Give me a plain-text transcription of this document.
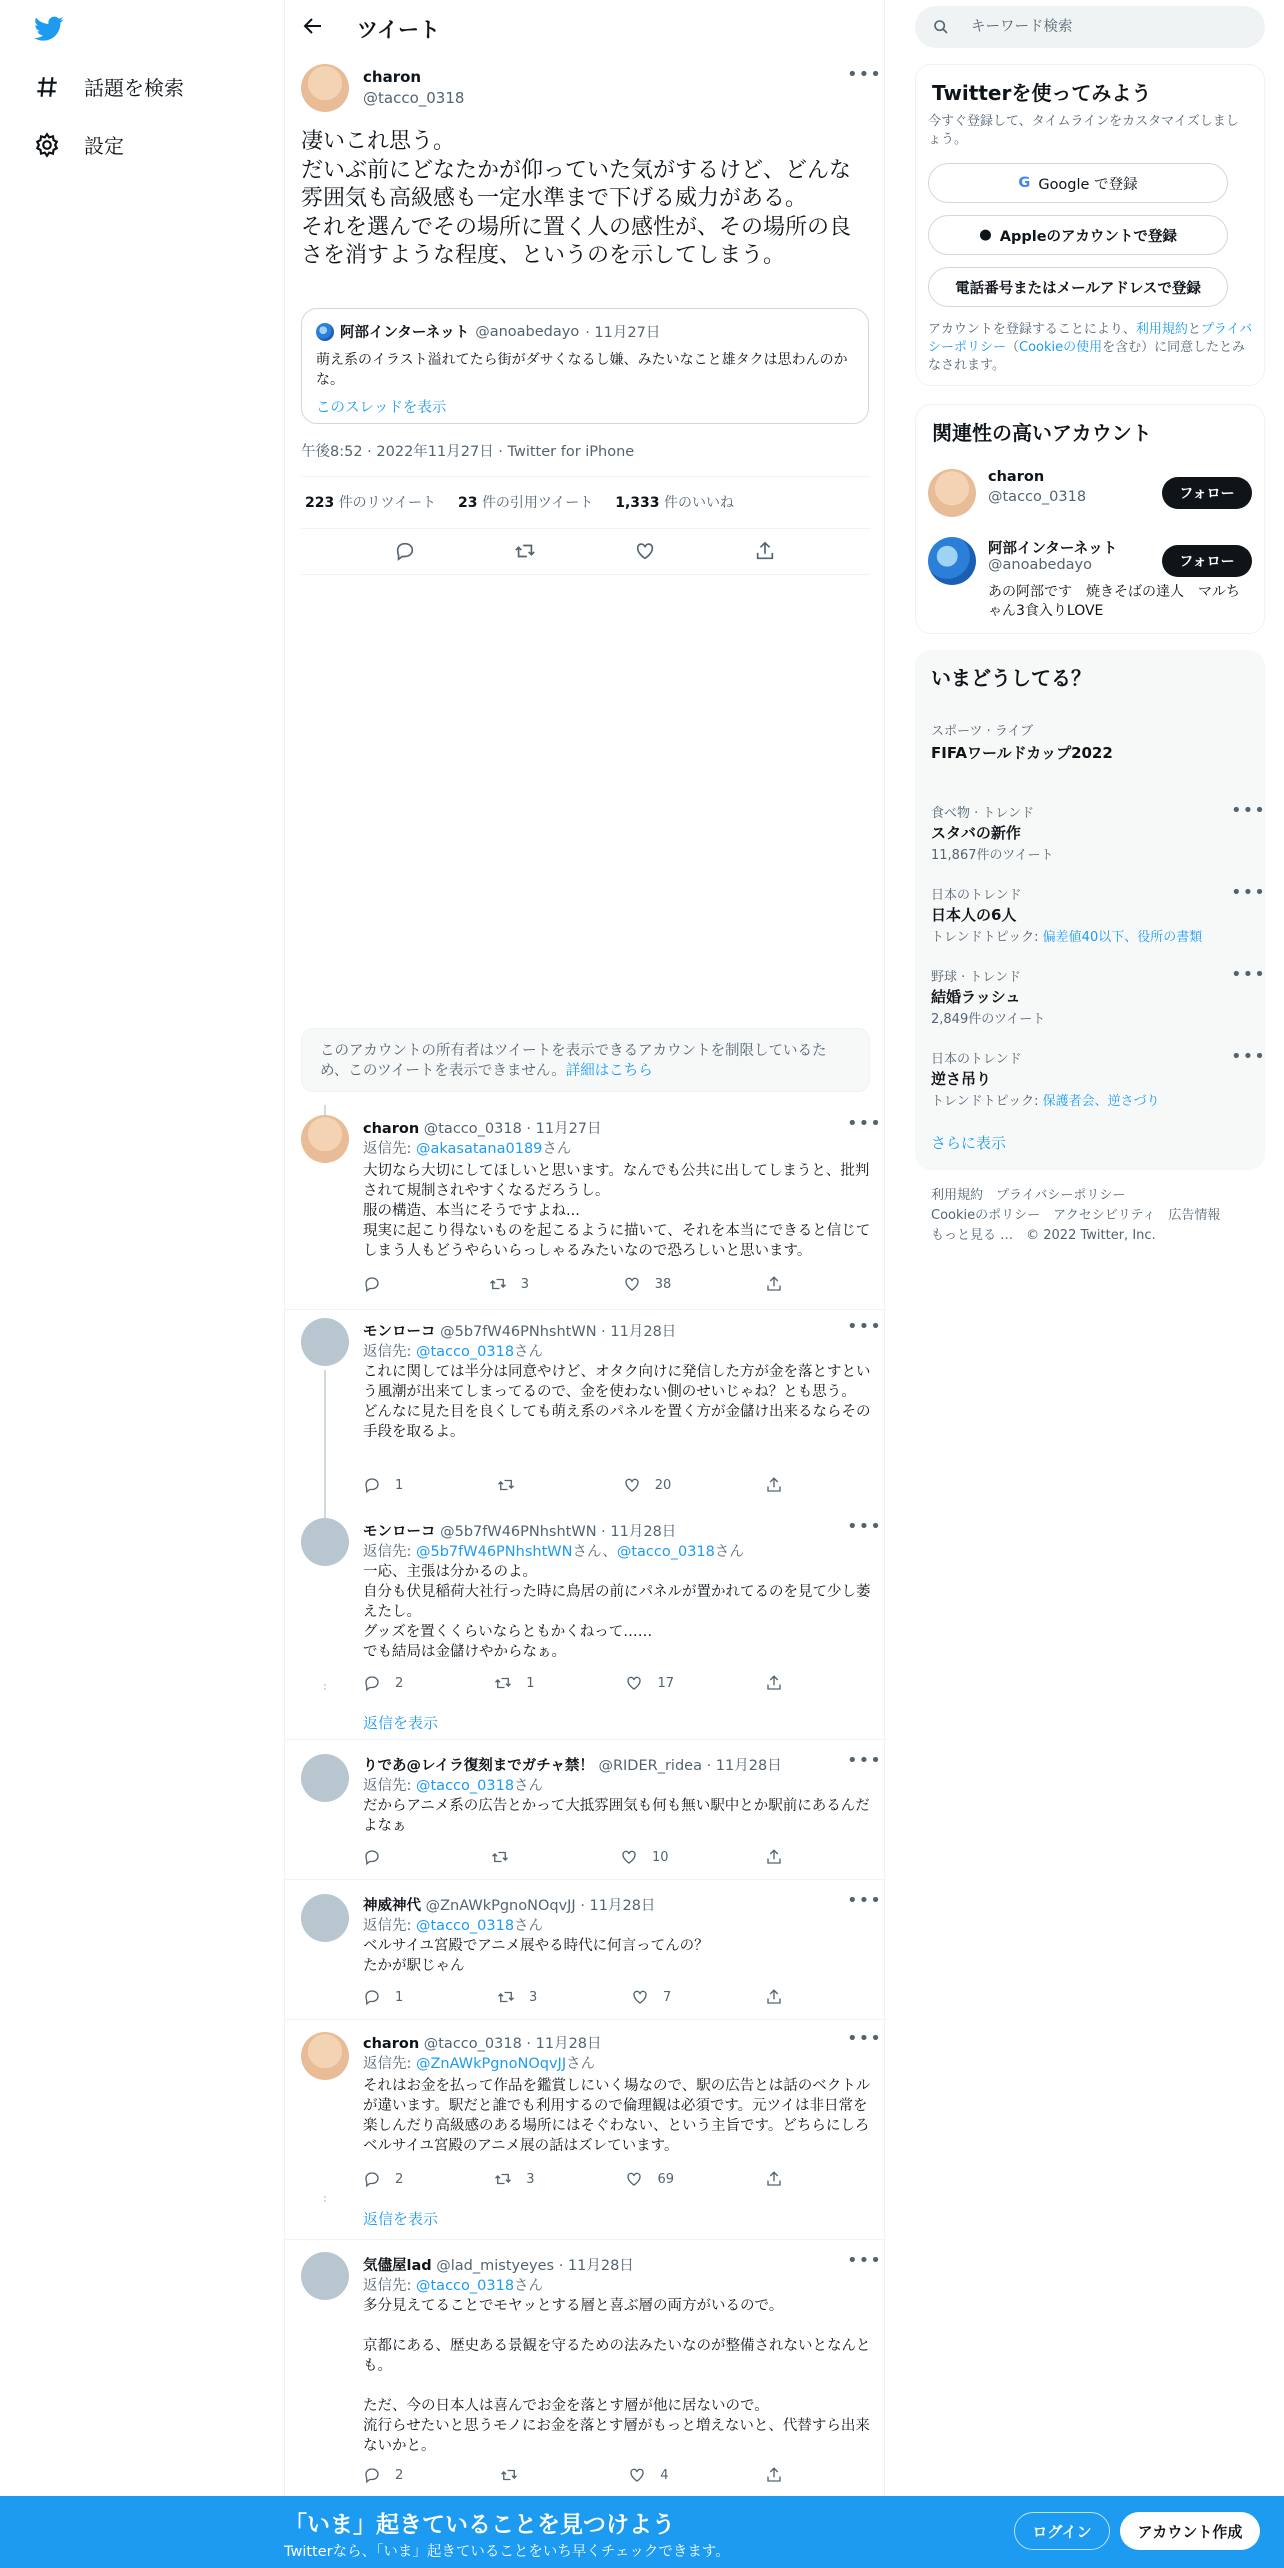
話題を検索
設定
ツイート
charon
@tacco_0318
•••
凄いこれ思う。
だいぶ前にどなたかが仰っていた気がするけど、どんな雰囲気も高級感も一定水準まで下げる威力がある。
それを選んでその場所に置く人の感性が、その場所の良さを消すような程度、というのを示してしまう。
阿部インターネット @anoabedayo · 11月27日
萌え系のイラスト溢れてたら街がダサくなるし嫌、みたいなこと雄タクは思わんのかな。
このスレッドを表示
午後8:52 · 2022年11月27日 · Twitter for iPhone
223 件のリツイート 23 件の引用ツイート 1,333 件のいいね
このアカウントの所有者はツイートを表示できるアカウントを制限しているため、このツイートを表示できません。詳細はこちら
charon @tacco_0318 · 11月27日	•••
返信先: @akasatana0189さん
大切なら大切にしてほしいと思います。なんでも公共に出してしまうと、批判されて規制されやすくなるだろうし。
服の構造、本当にそうですよね...
現実に起こり得ないものを起こるように描いて、それを本当にできると信じてしまう人もどうやらいらっしゃるみたいなので恐ろしいと思います。
3	38
モンローコ @5b7fW46PNhshtWN · 11月28日	•••
返信先: @tacco_0318さん
これに関しては半分は同意やけど、オタク向けに発信した方が金を落とすという風潮が出来てしまってるので、金を使わない側のせいじゃね？とも思う。
どんなに見た目を良くしても萌え系のパネルを置く方が金儲け出来るならその手段を取るよ。
1	20
モンローコ @5b7fW46PNhshtWN · 11月28日	•••
返信先: @5b7fW46PNhshtWNさん、@tacco_0318さん
一応、主張は分かるのよ。
自分も伏見稲荷大社行った時に鳥居の前にパネルが置かれてるのを見て少し萎えたし。
グッズを置くくらいならともかくねって……
でも結局は金儲けやからなぁ。
2	1	17
返信を表示
りであ@レイラ復刻までガチャ禁！ @RIDER_ridea · 11月28日	•••
返信先: @tacco_0318さん
だからアニメ系の広告とかって大抵雰囲気も何も無い駅中とか駅前にあるんだよなぁ
10
神威神代 @ZnAWkPgnoNOqvJJ · 11月28日	•••
返信先: @tacco_0318さん
ベルサイユ宮殿でアニメ展やる時代に何言ってんの？
たかが駅じゃん
1	3	7
charon @tacco_0318 · 11月28日	•••
返信先: @ZnAWkPgnoNOqvJJさん
それはお金を払って作品を鑑賞しにいく場なので、駅の広告とは話のベクトルが違います。駅だと誰でも利用するので倫理観は必須です。元ツイは非日常を楽しんだり高級感のある場所にはそぐわない、という主旨です。どちらにしろベルサイユ宮殿のアニメ展の話はズレています。
2	3	69
返信を表示
気儘屋lad @lad_mistyeyes · 11月28日	•••
返信先: @tacco_0318さん
多分見えてることでモヤッとする層と喜ぶ層の両方がいるので。
京都にある、歴史ある景観を守るための法みたいなのが整備されないとなんとも。
ただ、今の日本人は喜んでお金を落とす層が他に居ないので。
流行らせたいと思うモノにお金を落とす層がもっと増えないと、代替すら出来ないかと。
2	4
キーワード検索
Twitterを使ってみよう
今すぐ登録して、タイムラインをカスタマイズしましょう。
G Google で登録
● Appleのアカウントで登録
電話番号またはメールアドレスで登録
アカウントを登録することにより、利用規約とプライバシーポリシー（Cookieの使用を含む）に同意したとみなされます。
関連性の高いアカウント
charon
@tacco_0318	フォロー
阿部インターネット
@anoabedayo	フォロー
あの阿部です　焼きそばの達人　マルちゃん3食入りLOVE
いまどうしてる？
スポーツ · ライブ
FIFAワールドカップ2022
食べ物 · トレンド
スタバの新作
11,867件のツイート
•••
日本のトレンド
日本人の6人
トレンドトピック: 偏差値40以下、役所の書類
•••
野球 · トレンド
結婚ラッシュ
2,849件のツイート
•••
日本のトレンド
逆さ吊り
トレンドトピック: 保護者会、逆さづり
•••
さらに表示
利用規約　プライバシーポリシー
Cookieのポリシー　アクセシビリティ　広告情報
もっと見る …　© 2022 Twitter, Inc.
「いま」起きていることを見つけよう
Twitterなら、「いま」起きていることをいち早くチェックできます。
ログイン	アカウント作成
